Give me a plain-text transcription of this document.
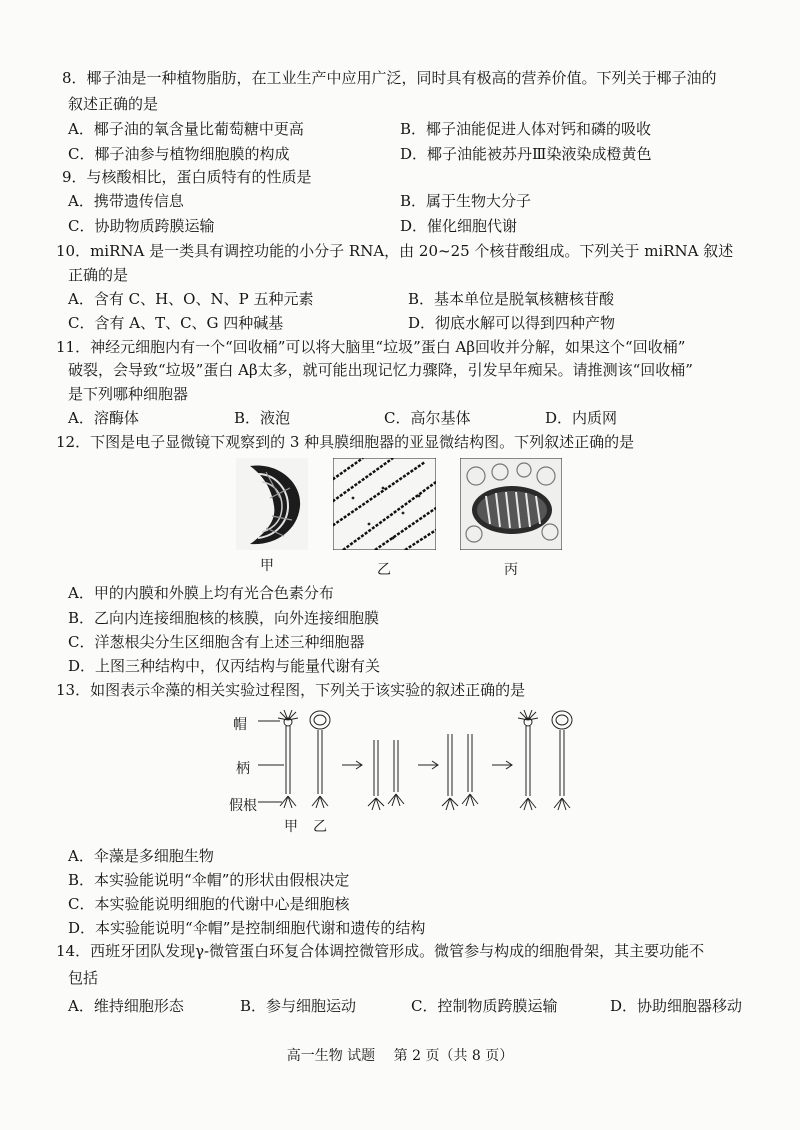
8．椰子油是一种植物脂肪，在工业生产中应用广泛，同时具有极高的营养价值。下列关于椰子油的
叙述正确的是
A．椰子油的氧含量比葡萄糖中更高	B．椰子油能促进人体对钙和磷的吸收
C．椰子油参与植物细胞膜的构成	D．椰子油能被苏丹Ⅲ染液染成橙黄色
9．与核酸相比，蛋白质特有的性质是
A．携带遗传信息	B．属于生物大分子
C．协助物质跨膜运输	D．催化细胞代谢
10．miRNA 是一类具有调控功能的小分子 RNA，由 20~25 个核苷酸组成。下列关于 miRNA 叙述
正确的是
A．含有 C、H、O、N、P 五种元素	B．基本单位是脱氧核糖核苷酸
C．含有 A、T、C、G 四种碱基	D．彻底水解可以得到四种产物
11．神经元细胞内有一个“回收桶”可以将大脑里“垃圾”蛋白 Aβ回收并分解，如果这个“回收桶”
破裂，会导致“垃圾”蛋白 Aβ太多，就可能出现记忆力骤降，引发早年痴呆。请推测该“回收桶”
是下列哪种细胞器
A．溶酶体	B．液泡	C．高尔基体	D．内质网
12．下图是电子显微镜下观察到的 3 种具膜细胞器的亚显微结构图。下列叙述正确的是
甲	乙	丙
A．甲的内膜和外膜上均有光合色素分布
B．乙向内连接细胞核的核膜，向外连接细胞膜
C．洋葱根尖分生区细胞含有上述三种细胞器
D．上图三种结构中，仅丙结构与能量代谢有关
13．如图表示伞藻的相关实验过程图，下列关于该实验的叙述正确的是
帽
柄
假根
甲 乙
A．伞藻是多细胞生物
B．本实验能说明“伞帽”的形状由假根决定
C．本实验能说明细胞的代谢中心是细胞核
D．本实验能说明“伞帽”是控制细胞代谢和遗传的结构
14．西班牙团队发现γ-微管蛋白环复合体调控微管形成。微管参与构成的细胞骨架，其主要功能不
包括
A．维持细胞形态	B．参与细胞运动	C．控制物质跨膜运输	D．协助细胞器移动
高一生物 试题　 第 2 页（共 8 页）
